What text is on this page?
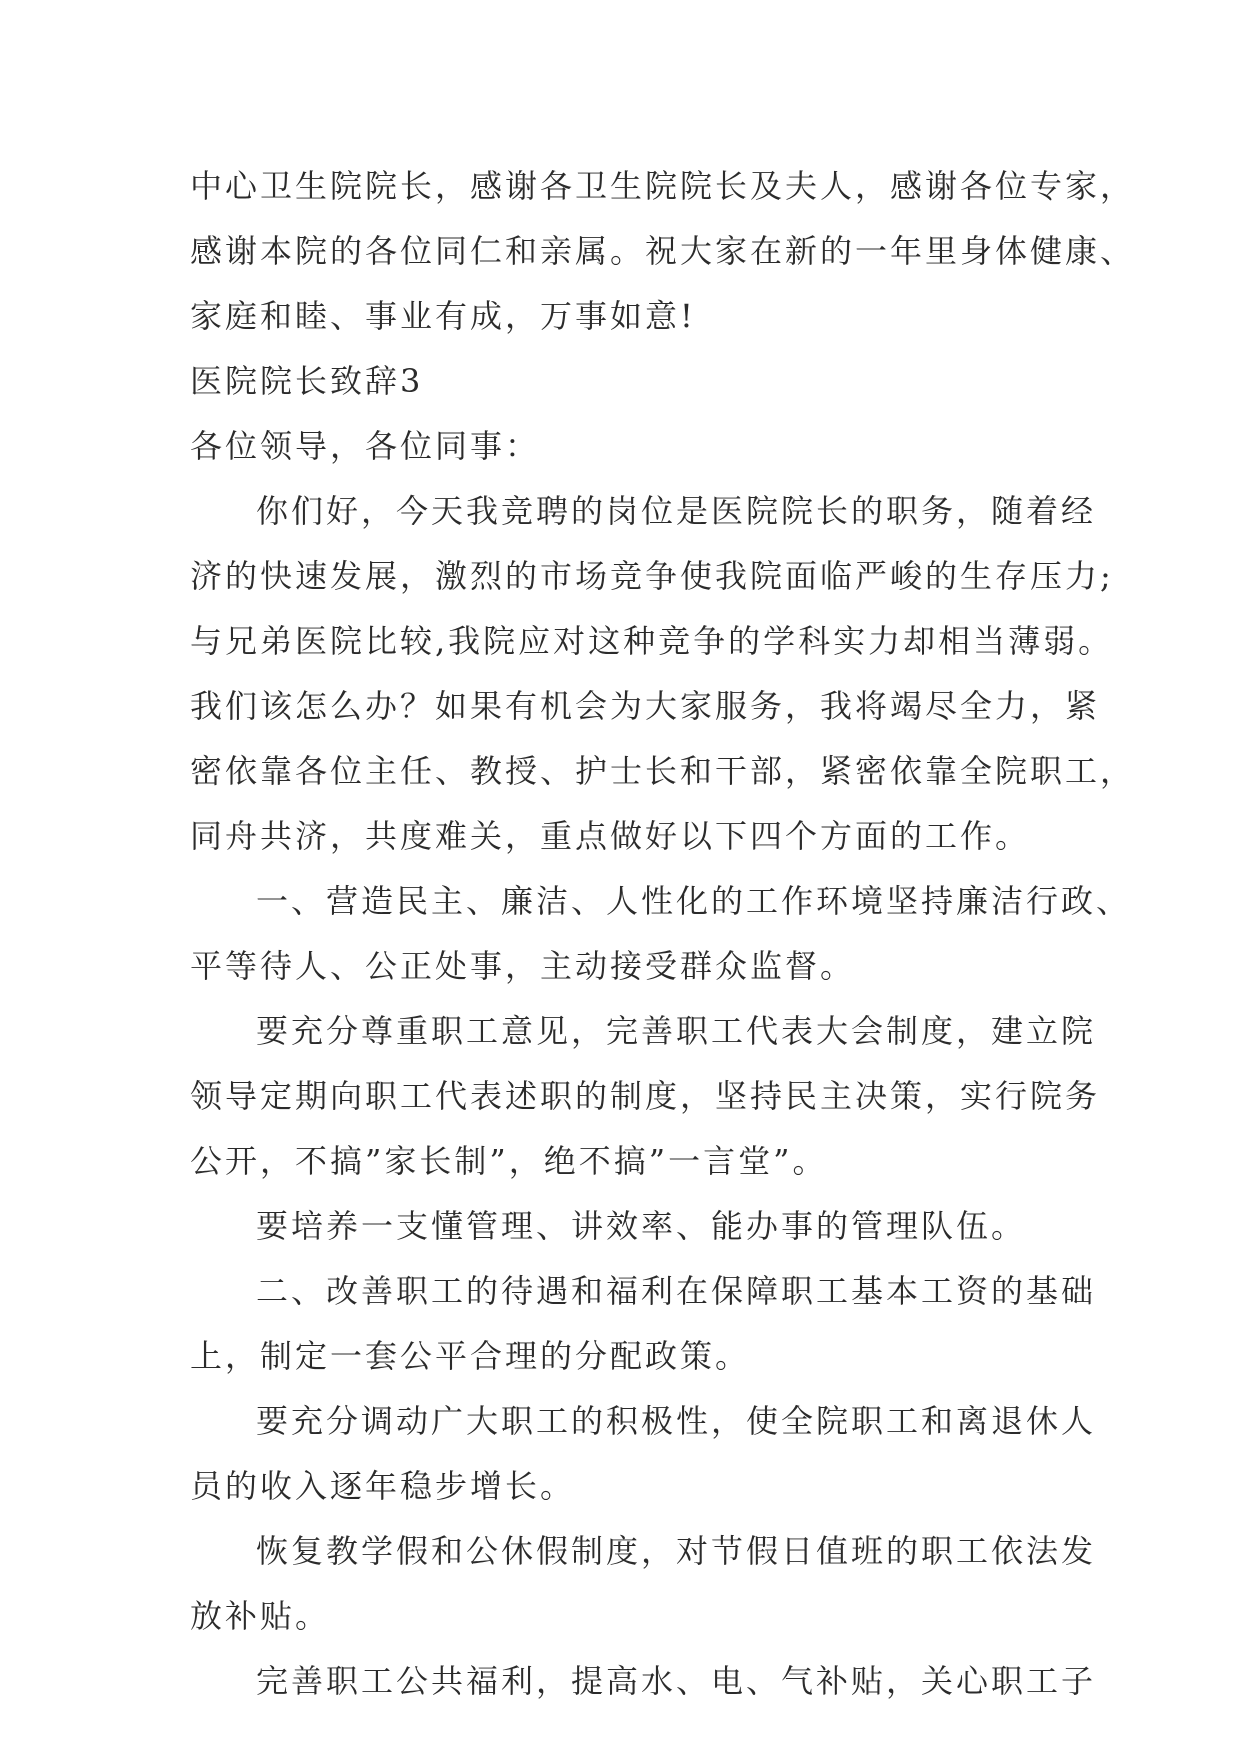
中心卫生院院长，感谢各卫生院院长及夫人，感谢各位专家，
感谢本院的各位同仁和亲属。祝大家在新的一年里身体健康、
家庭和睦、事业有成，万事如意!
医院院长致辞3
各位领导，各位同事：
你们好，今天我竞聘的岗位是医院院长的职务，随着经
济的快速发展，激烈的市场竞争使我院面临严峻的生存压力;
与兄弟医院比较,我院应对这种竞争的学科实力却相当薄弱。
我们该怎么办？如果有机会为大家服务，我将竭尽全力，紧
密依靠各位主任、教授、护士长和干部，紧密依靠全院职工，
同舟共济，共度难关，重点做好以下四个方面的工作。
一、营造民主、廉洁、人性化的工作环境坚持廉洁行政、
平等待人、公正处事，主动接受群众监督。
要充分尊重职工意见，完善职工代表大会制度，建立院
领导定期向职工代表述职的制度，坚持民主决策，实行院务
公开，不搞”家长制”，绝不搞”一言堂”。
要培养一支懂管理、讲效率、能办事的管理队伍。
二、改善职工的待遇和福利在保障职工基本工资的基础
上，制定一套公平合理的分配政策。
要充分调动广大职工的积极性，使全院职工和离退休人
员的收入逐年稳步增长。
恢复教学假和公休假制度，对节假日值班的职工依法发
放补贴。
完善职工公共福利，提高水、电、气补贴，关心职工子
